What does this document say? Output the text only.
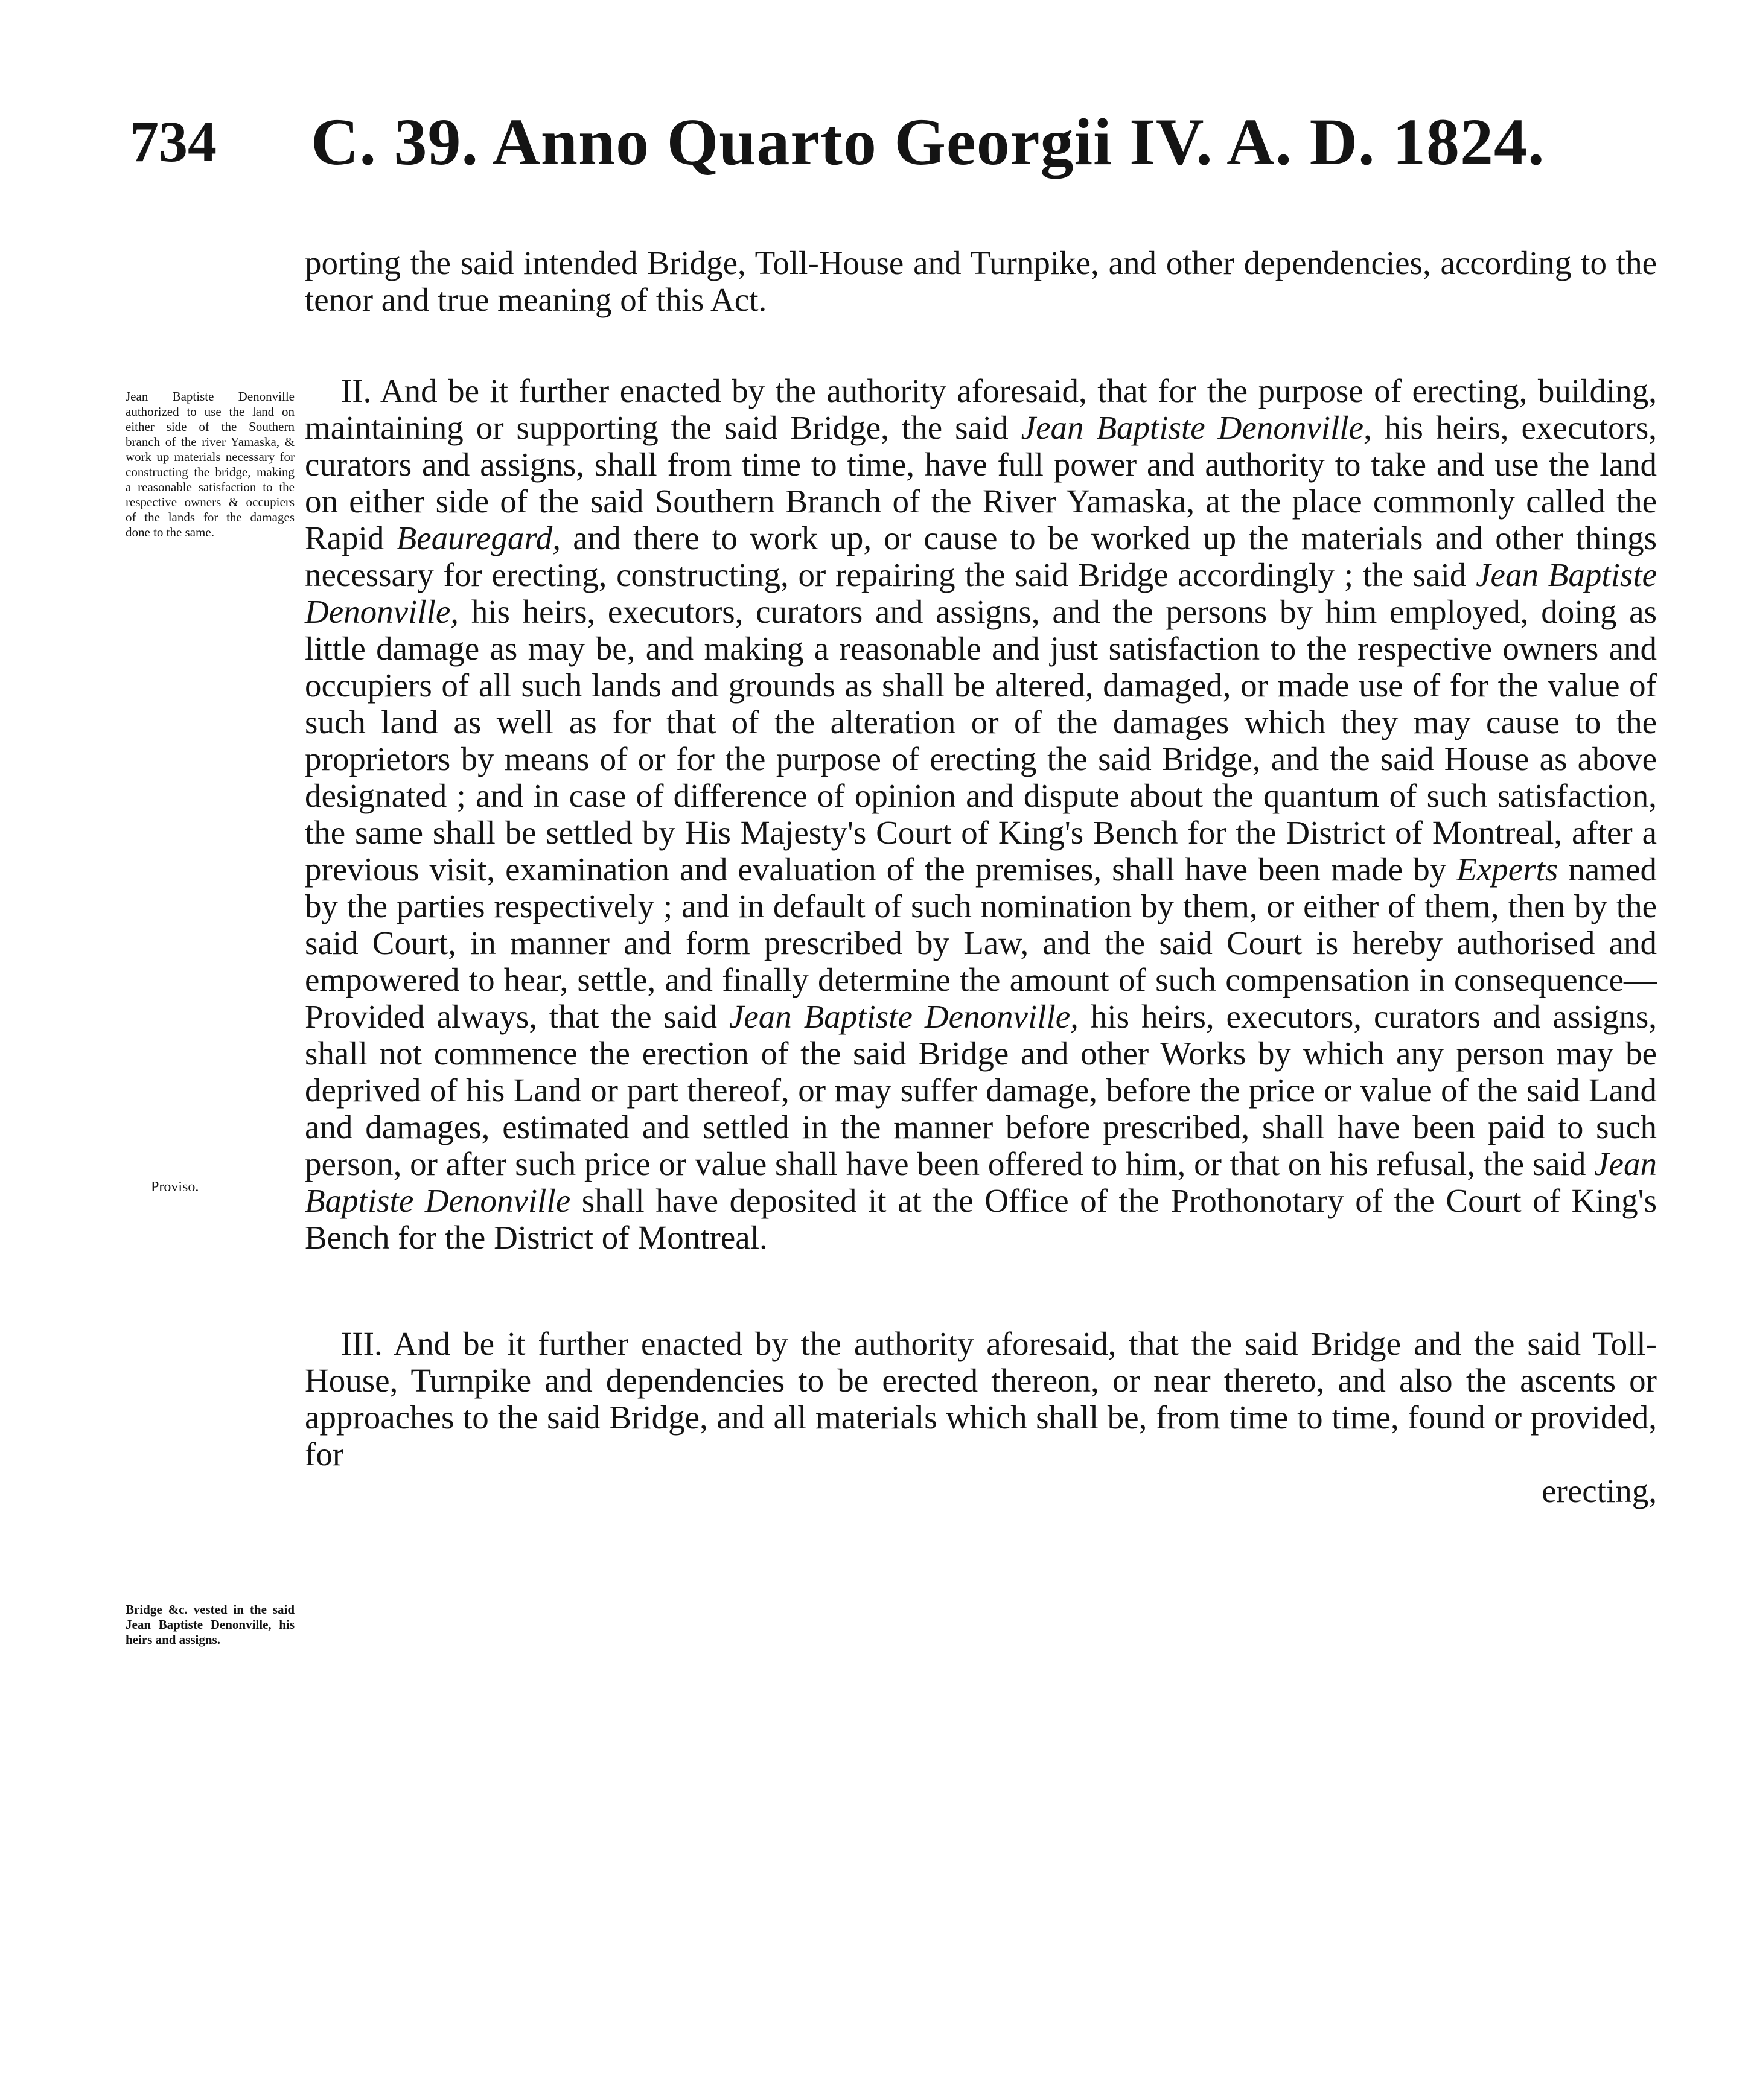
734 C. 39. Anno Quarto Georgii IV. A. D. 1824.
Jean Baptiste Denonville authorized to use the land on either side of the Southern branch of the river Yamaska, & work up materials necessary for constructing the bridge, making a reasonable satisfaction to the respective owners & occupiers of the lands for the damages done to the same.
Proviso.
Bridge &c. vested in the said Jean Baptiste Denonville, his heirs and assigns.

porting the said intended Bridge, Toll-House and Turnpike, and other dependencies, according to the tenor and true meaning of this Act.

II. And be it further enacted by the authority aforesaid, that for the purpose of erecting, building, maintaining or supporting the said Bridge, the said Jean Baptiste Denonville, his heirs, executors, curators and assigns, shall from time to time, have full power and authority to take and use the land on either side of the said Southern Branch of the River Yamaska, at the place commonly called the Rapid Beauregard, and there to work up, or cause to be worked up the materials and other things necessary for erecting, constructing, or repairing the said Bridge accordingly ; the said Jean Baptiste Denonville, his heirs, executors, curators and assigns, and the persons by him employed, doing as little damage as may be, and making a reasonable and just satisfaction to the respective owners and occupiers of all such lands and grounds as shall be altered, damaged, or made use of for the value of such land as well as for that of the alteration or of the damages which they may cause to the proprietors by means of or for the purpose of erecting the said Bridge, and the said House as above designated ; and in case of difference of opinion and dispute about the quantum of such satisfaction, the same shall be settled by His Majesty's Court of King's Bench for the District of Montreal, after a previous visit, examination and evaluation of the premises, shall have been made by Experts named by the parties respectively ; and in default of such nomination by them, or either of them, then by the said Court, in manner and form prescribed by Law, and the said Court is hereby authorised and empowered to hear, settle, and finally determine the amount of such compensation in consequence—Provided always, that the said Jean Baptiste Denonville, his heirs, executors, curators and assigns, shall not commence the erection of the said Bridge and other Works by which any person may be deprived of his Land or part thereof, or may suffer damage, before the price or value of the said Land and damages, estimated and settled in the manner before prescribed, shall have been paid to such person, or after such price or value shall have been offered to him, or that on his refusal, the said Jean Baptiste Denonville shall have deposited it at the Office of the Prothonotary of the Court of King's Bench for the District of Montreal.

III. And be it further enacted by the authority aforesaid, that the said Bridge and the said Toll-House, Turnpike and dependencies to be erected thereon, or near thereto, and also the ascents or approaches to the said Bridge, and all materials which shall be, from time to time, found or provided, for

erecting,
